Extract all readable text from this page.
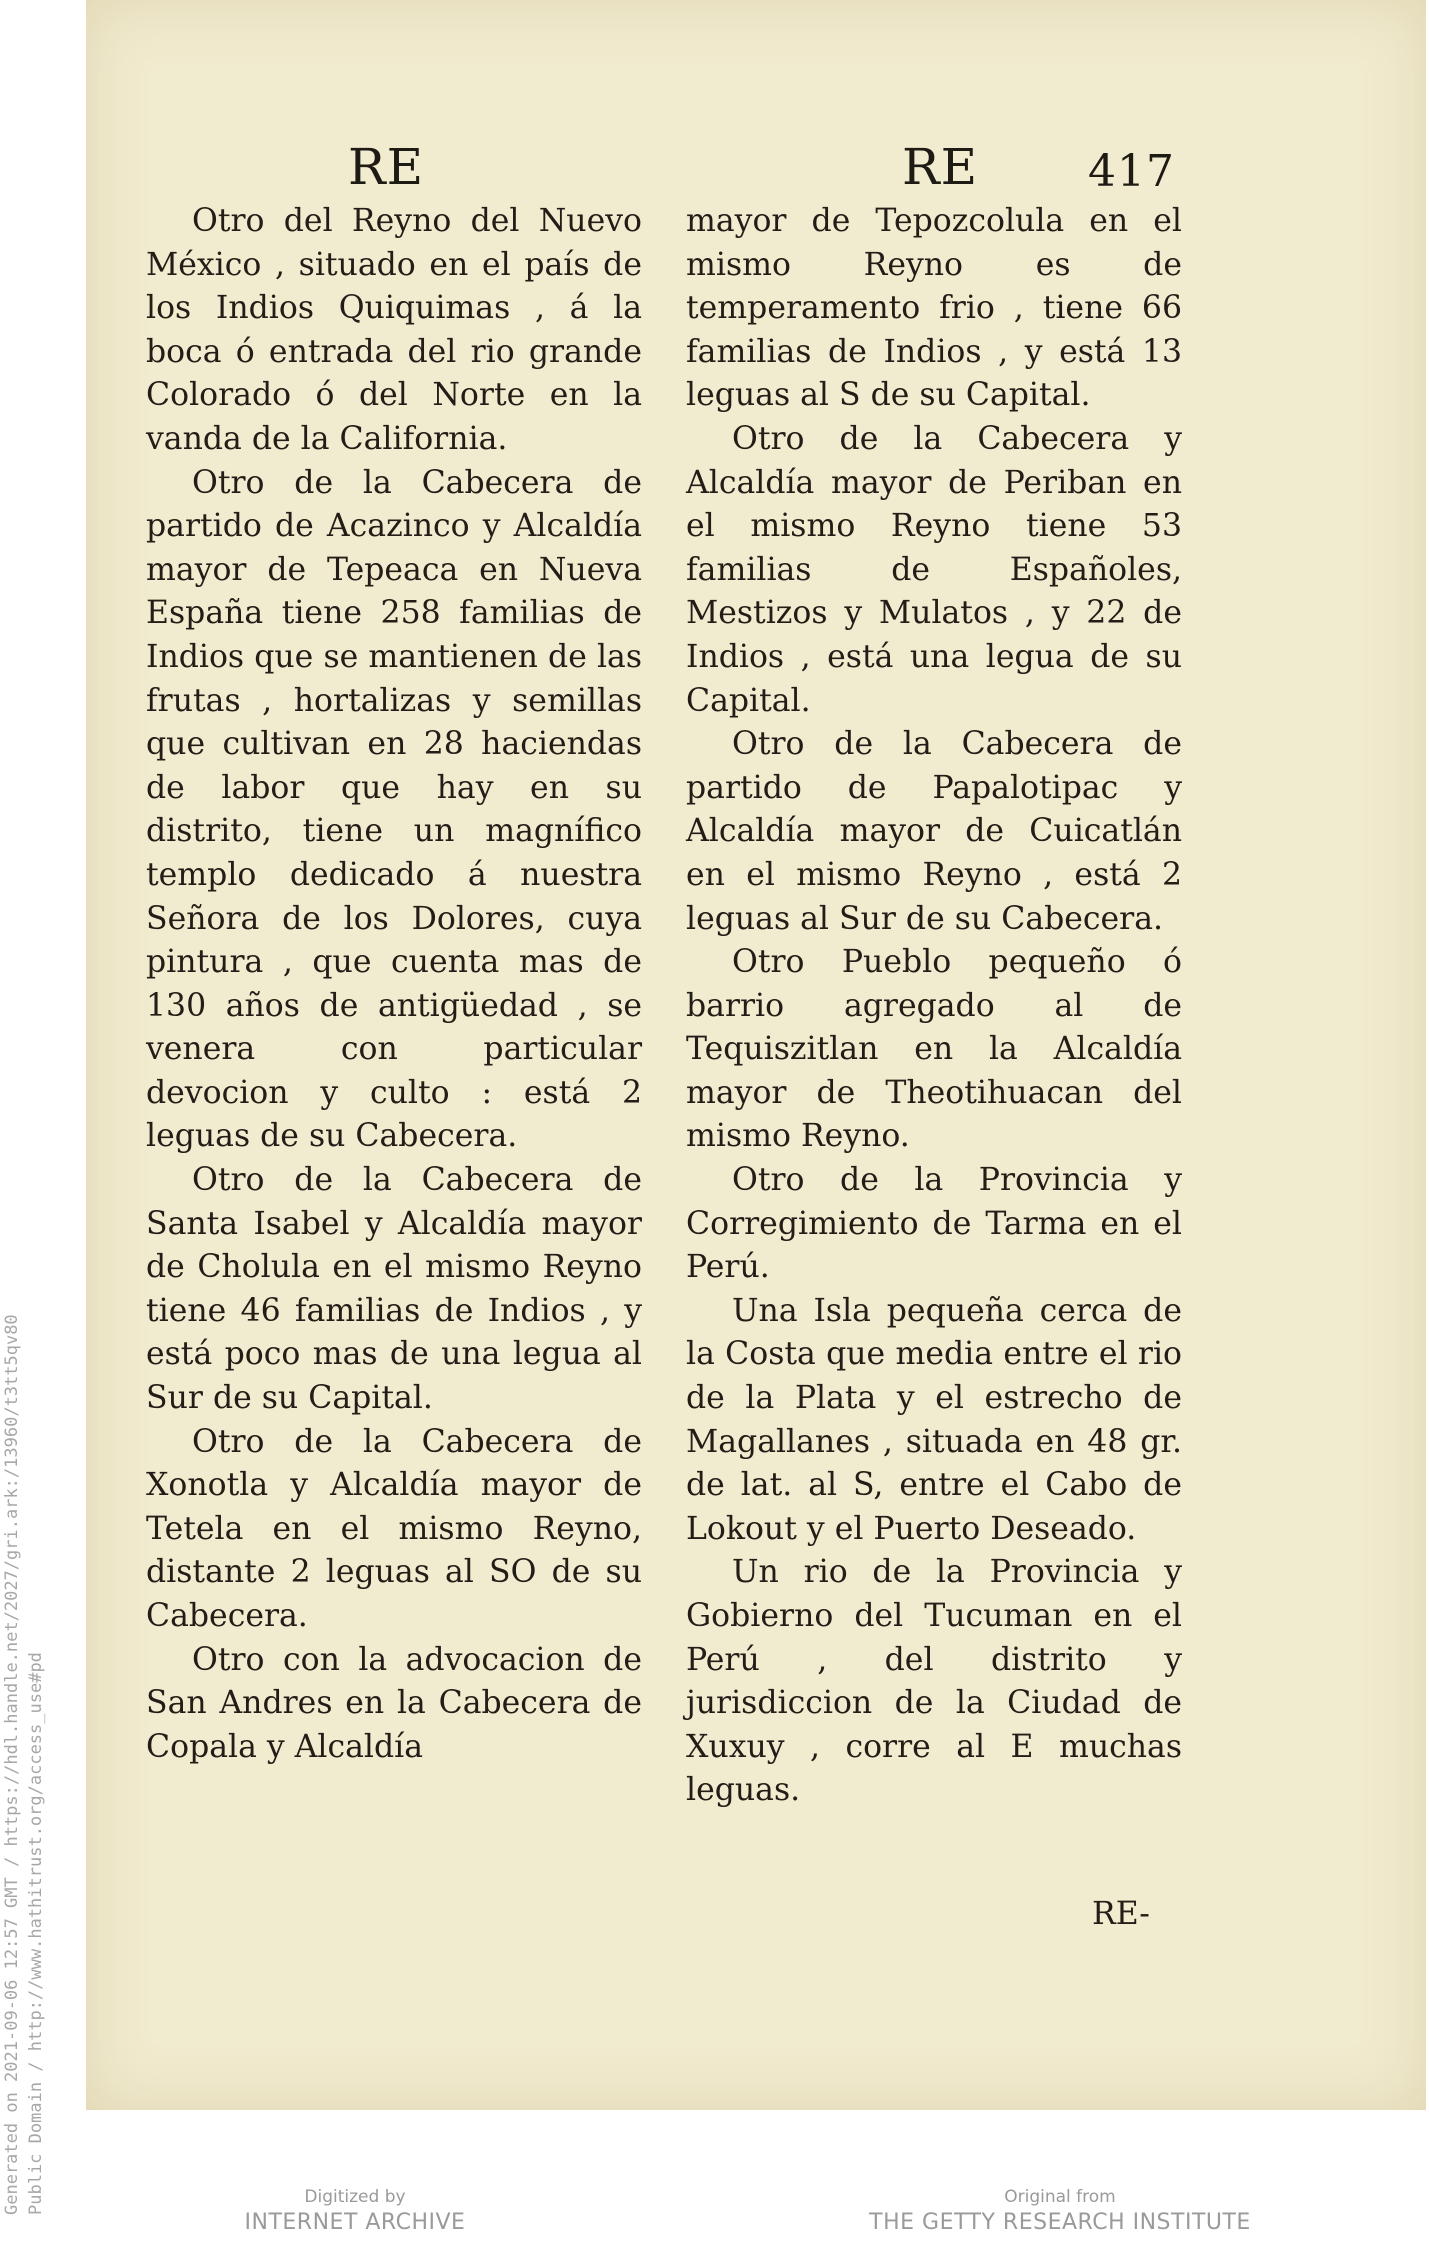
RE	RE 417

Otro del Reyno del Nuevo México , situado en el país de los Indios Quiquimas , á la boca ó entrada del rio grande Colorado ó del Norte en la vanda de la California.

Otro de la Cabecera de partido de Acazinco y Alcaldía mayor de Tepeaca en Nueva España tiene 258 familias de Indios que se mantienen de las frutas , hortalizas y semillas que cultivan en 28 haciendas de labor que hay en su distrito, tiene un magnífico templo dedicado á nuestra Señora de los Dolores, cuya pintura , que cuenta mas de 130 años de antigüedad , se venera con particular devocion y culto : está 2 leguas de su Cabecera.

Otro de la Cabecera de Santa Isabel y Alcaldía mayor de Cholula en el mismo Reyno tiene 46 familias de Indios , y está poco mas de una legua al Sur de su Capital.

Otro de la Cabecera de Xonotla y Alcaldía mayor de Tetela en el mismo Reyno, distante 2 leguas al SO de su Cabecera.

Otro con la advocacion de San Andres en la Cabecera de Copala y Alcaldía

mayor de Tepozcolula en el mismo Reyno es de temperamento frio , tiene 66 familias de Indios , y está 13 leguas al S de su Capital.

Otro de la Cabecera y Alcaldía mayor de Periban en el mismo Reyno tiene 53 familias de Españoles, Mestizos y Mulatos , y 22 de Indios , está una legua de su Capital.

Otro de la Cabecera de partido de Papalotipac y Alcaldía mayor de Cuicatlán en el mismo Reyno , está 2 leguas al Sur de su Cabecera.

Otro Pueblo pequeño ó barrio agregado al de Tequiszitlan en la Alcaldía mayor de Theotihuacan del mismo Reyno.

Otro de la Provincia y Corregimiento de Tarma en el Perú.

Una Isla pequeña cerca de la Costa que media entre el rio de la Plata y el estrecho de Magallanes , situada en 48 gr. de lat. al S, entre el Cabo de Lokout y el Puerto Deseado.

Un rio de la Provincia y Gobierno del Tucuman en el Perú , del distrito y jurisdiccion de la Ciudad de Xuxuy , corre al E muchas leguas.

RE-
Generated on 2021-09-06 12:57 GMT / https://hdl.handle.net/2027/gri.ark:/13960/t3tt5qv80 Public Domain / http://www.hathitrust.org/access_use#pd	Digitized by
INTERNET ARCHIVE
Original from
THE GETTY RESEARCH INSTITUTE
